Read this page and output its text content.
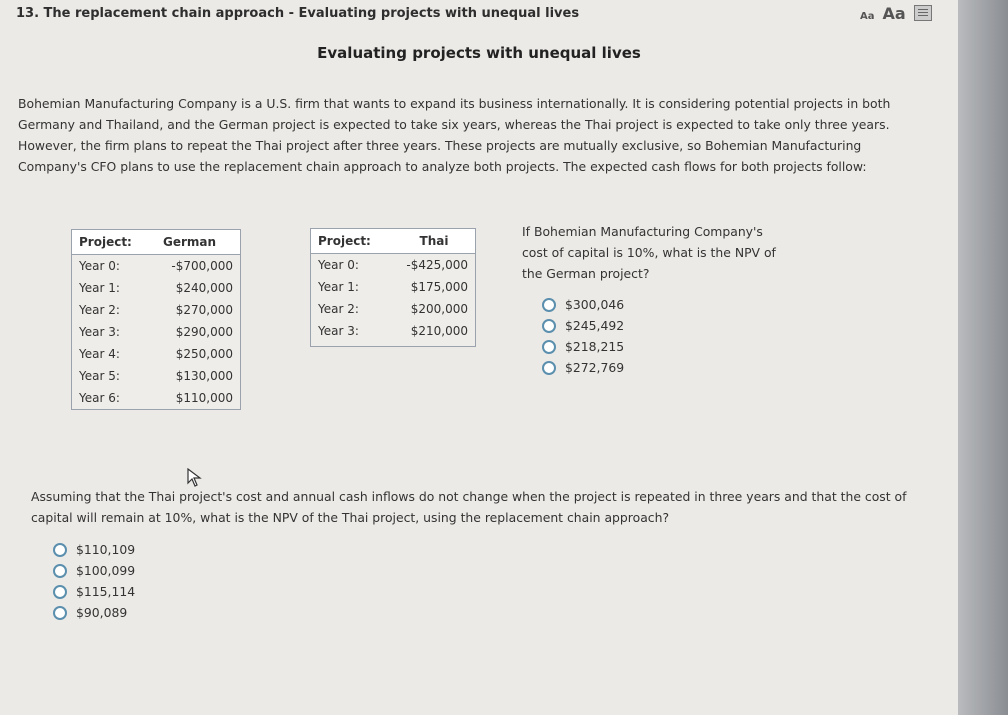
13. The replacement chain approach - Evaluating projects with unequal lives	Aa Aa
Evaluating projects with unequal lives
Bohemian Manufacturing Company is a U.S. firm that wants to expand its business internationally. It is considering potential projects in both Germany and Thailand, and the German project is expected to take six years, whereas the Thai project is expected to take only three years. However, the firm plans to repeat the Thai project after three years. These projects are mutually exclusive, so Bohemian Manufacturing Company's CFO plans to use the replacement chain approach to analyze both projects. The expected cash flows for both projects follow:
Project:	German
Year 0:	-$700,000
Year 1:	$240,000
Year 2:	$270,000
Year 3:	$290,000
Year 4:	$250,000
Year 5:	$130,000
Year 6:	$110,000
Project:	Thai
Year 0:	-$425,000
Year 1:	$175,000
Year 2:	$200,000
Year 3:	$210,000

If Bohemian Manufacturing Company's cost of capital is 10%, what is the NPV of the German project?
$300,046
$245,492
$218,215
$272,769
Assuming that the Thai project's cost and annual cash inflows do not change when the project is repeated in three years and that the cost of capital will remain at 10%, what is the NPV of the Thai project, using the replacement chain approach?
$110,109
$100,099
$115,114
$90,089
